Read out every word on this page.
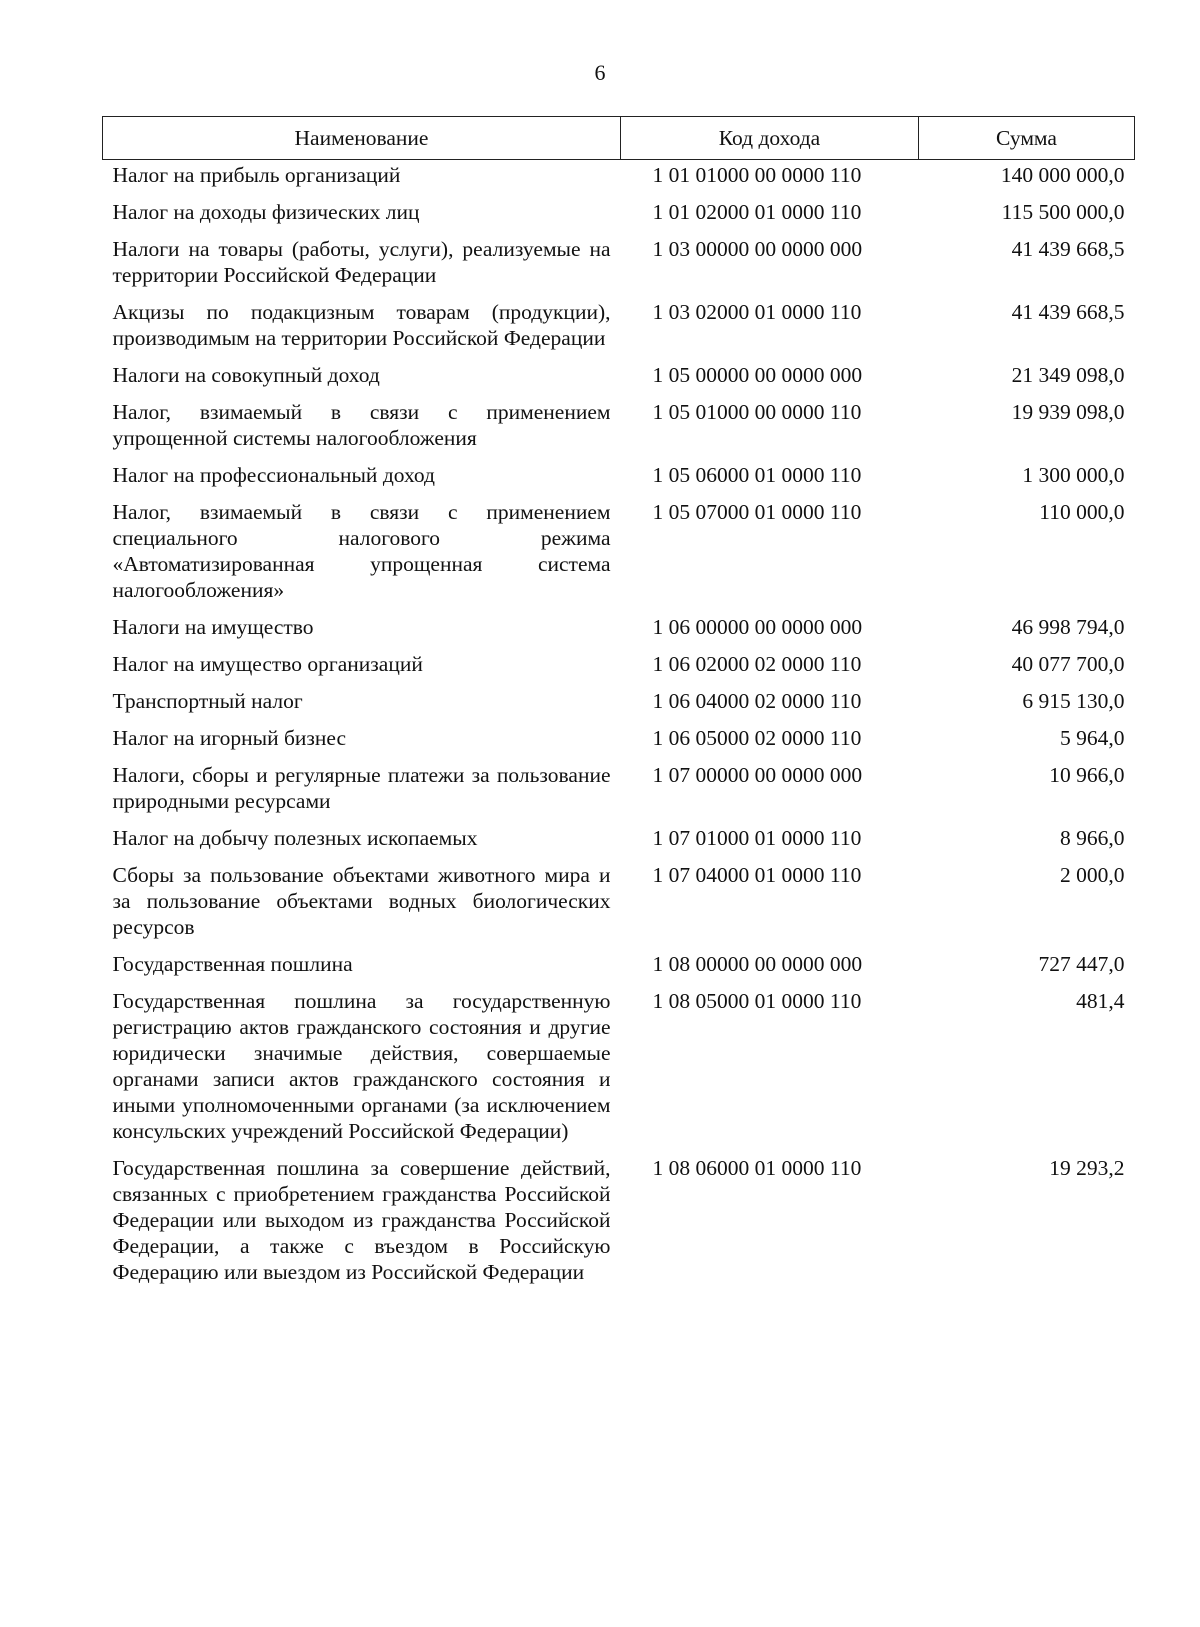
6
Наименование	Код дохода	Сумма
Налог на прибыль организаций	1 01 01000 00 0000 110	140 000 000,0
Налог на доходы физических лиц	1 01 02000 01 0000 110	115 500 000,0
Налоги на товары (работы, услуги), реализуемые на территории Российской Федерации	1 03 00000 00 0000 000	41 439 668,5
Акцизы по подакцизным товарам (продукции), производимым на территории Российской Федерации	1 03 02000 01 0000 110	41 439 668,5
Налоги на совокупный доход	1 05 00000 00 0000 000	21 349 098,0
Налог, взимаемый в связи с применением упрощенной системы налогообложения	1 05 01000 00 0000 110	19 939 098,0
Налог на профессиональный доход	1 05 06000 01 0000 110	1 300 000,0
Налог, взимаемый в связи с применением специального налогового режима «Автоматизированная упрощенная система налогообложения»	1 05 07000 01 0000 110	110 000,0
Налоги на имущество	1 06 00000 00 0000 000	46 998 794,0
Налог на имущество организаций	1 06 02000 02 0000 110	40 077 700,0
Транспортный налог	1 06 04000 02 0000 110	6 915 130,0
Налог на игорный бизнес	1 06 05000 02 0000 110	5 964,0
Налоги, сборы и регулярные платежи за пользование природными ресурсами	1 07 00000 00 0000 000	10 966,0
Налог на добычу полезных ископаемых	1 07 01000 01 0000 110	8 966,0
Сборы за пользование объектами животного мира и за пользование объектами водных биологических ресурсов	1 07 04000 01 0000 110	2 000,0
Государственная пошлина	1 08 00000 00 0000 000	727 447,0
Государственная пошлина за государственную регистрацию актов гражданского состояния и другие юридически значимые действия, совершаемые органами записи актов гражданского состояния и иными уполномоченными органами (за исключением консульских учреждений Российской Федерации)	1 08 05000 01 0000 110	481,4
Государственная пошлина за совершение действий, связанных с приобретением гражданства Российской Федерации или выходом из гражданства Российской Федерации, а также с въездом в Российскую Федерацию или выездом из Российской Федерации	1 08 06000 01 0000 110	19 293,2
